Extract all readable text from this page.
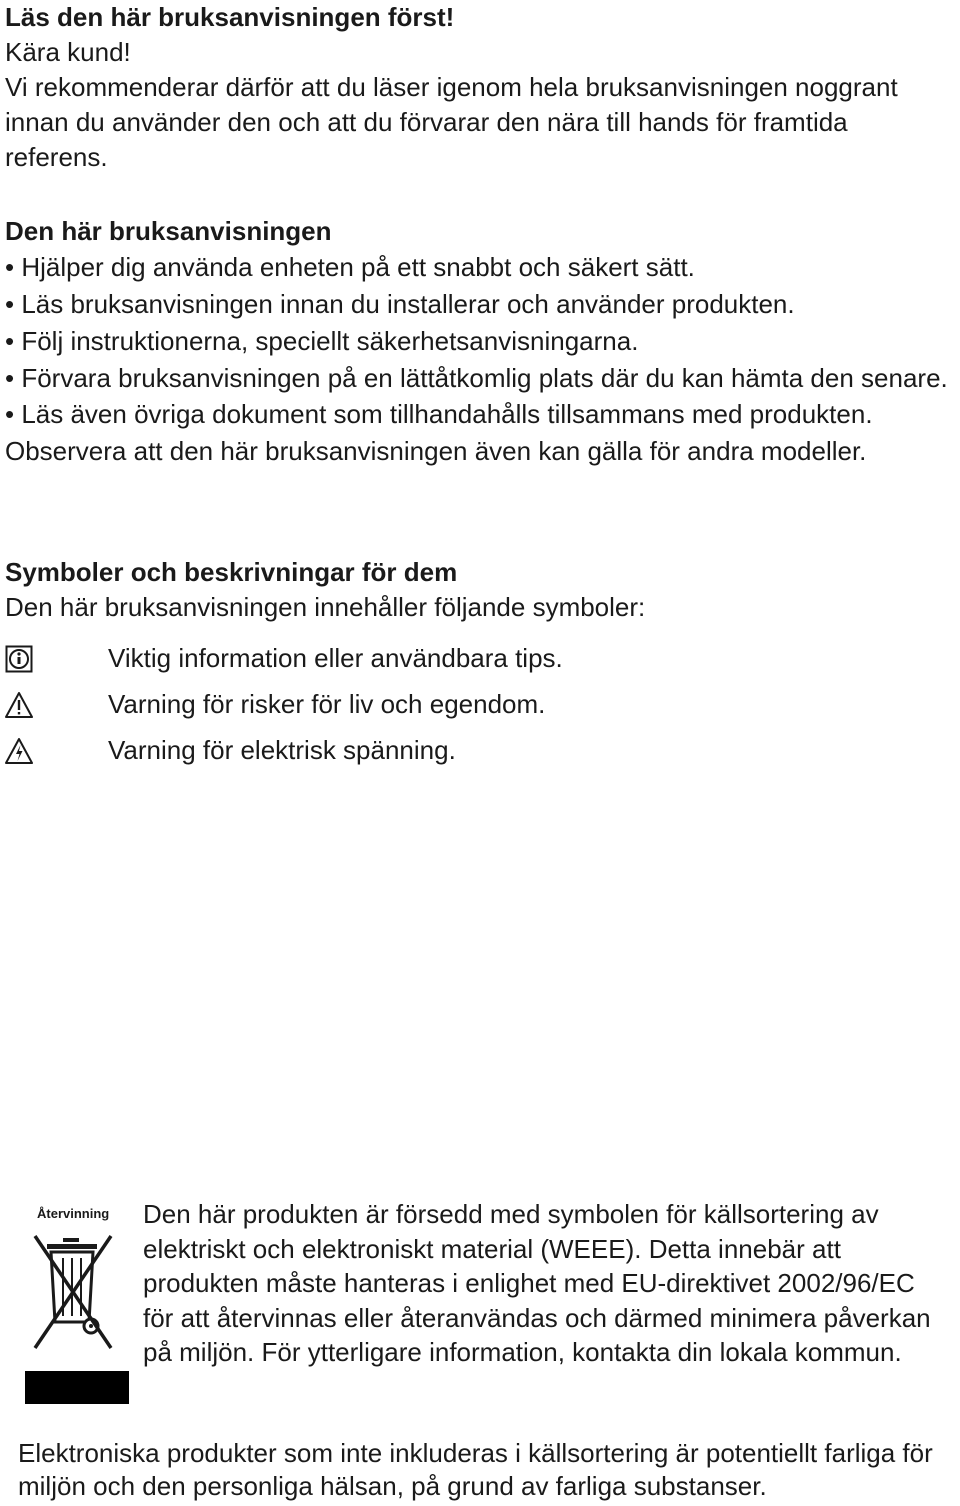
Läs den här bruksanvisningen först!

Kära kund!

Vi rekommenderar därför att du läser igenom hela bruksanvisningen noggrant innan du använder den och att du förvarar den nära till hands för framtida referens.

Den här bruksanvisningen

• Hjälper dig använda enheten på ett snabbt och säkert sätt.

• Läs bruksanvisningen innan du installerar och använder produkten.

• Följ instruktionerna, speciellt säkerhetsanvisningarna.

• Förvara bruksanvisningen på en lättåtkomlig plats där du kan hämta den senare.

• Läs även övriga dokument som tillhandahålls tillsammans med produkten.

Observera att den här bruksanvisningen även kan gälla för andra modeller.

Symboler och beskrivningar för dem

Den här bruksanvisningen innehåller följande symboler:

Viktig information eller användbara tips.
Varning för risker för liv och egendom.
Varning för elektrisk spänning.
Återvinning Den här produkten är försedd med symbolen för källsortering av elektriskt och elektroniskt material (WEEE). Detta innebär att produkten måste hanteras i enlighet med EU-direktivet 2002/96/EC för att återvinnas eller återanvändas och därmed minimera påverkan på miljön. För ytterligare information, kontakta din lokala kommun.

Elektroniska produkter som inte inkluderas i källsortering är potentiellt farliga för miljön och den personliga hälsan, på grund av farliga substanser.
